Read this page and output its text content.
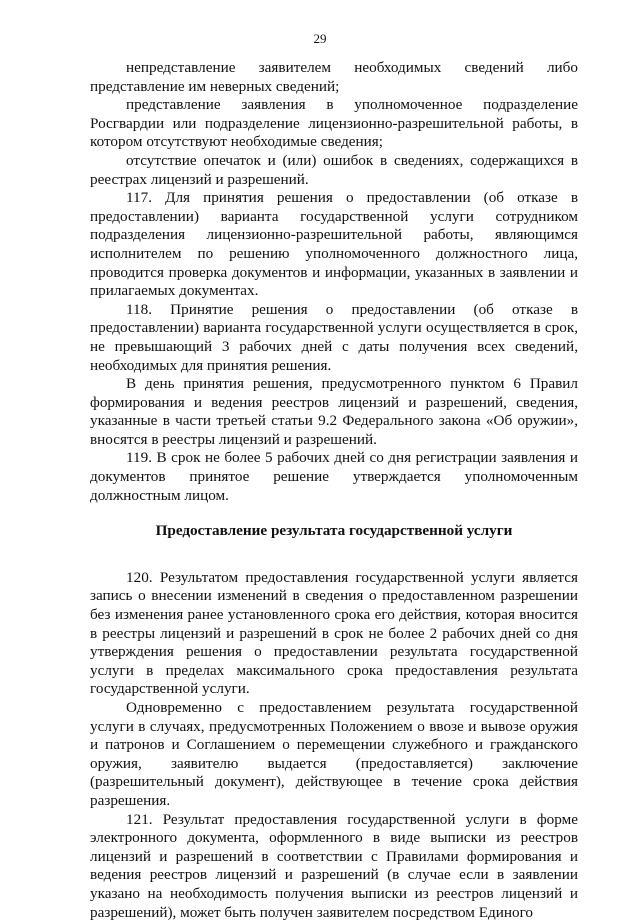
29

непредставление заявителем необходимых сведений либо представление им неверных сведений;

представление заявления в уполномоченное подразделение Росгвардии или подразделение лицензионно-разрешительной работы, в котором отсутствуют необходимые сведения;

отсутствие опечаток и (или) ошибок в сведениях, содержащихся в реестрах лицензий и разрешений.

117. Для принятия решения о предоставлении (об отказе в предоставлении) варианта государственной услуги сотрудником подразделения лицензионно-разрешительной работы, являющимся исполнителем по решению уполномоченного должностного лица, проводится проверка документов и информации, указанных в заявлении и прилагаемых документах.

118. Принятие решения о предоставлении (об отказе в предоставлении) варианта государственной услуги осуществляется в срок, не превышающий 3 рабочих дней с даты получения всех сведений, необходимых для принятия решения.

В день принятия решения, предусмотренного пунктом 6 Правил формирования и ведения реестров лицензий и разрешений, сведения, указанные в части третьей статьи 9.2 Федерального закона «Об оружии», вносятся в реестры лицензий и разрешений.

119. В срок не более 5 рабочих дней со дня регистрации заявления и документов принятое решение утверждается уполномоченным должностным лицом.

Предоставление результата государственной услуги

120. Результатом предоставления государственной услуги является запись о внесении изменений в сведения о предоставленном разрешении без изменения ранее установленного срока его действия, которая вносится в реестры лицензий и разрешений в срок не более 2 рабочих дней со дня утверждения решения о предоставлении результата государственной услуги в пределах максимального срока предоставления результата государственной услуги.

Одновременно с предоставлением результата государственной услуги в случаях, предусмотренных Положением о ввозе и вывозе оружия и патронов и Соглашением о перемещении служебного и гражданского оружия, заявителю выдается (предоставляется) заключение (разрешительный документ), действующее в течение срока действия разрешения.

121. Результат предоставления государственной услуги в форме электронного документа, оформленного в виде выписки из реестров лицензий и разрешений в соответствии с Правилами формирования и ведения реестров лицензий и разрешений (в случае если в заявлении указано на необходимость получения выписки из реестров лицензий и разрешений), может быть получен заявителем посредством Единого
